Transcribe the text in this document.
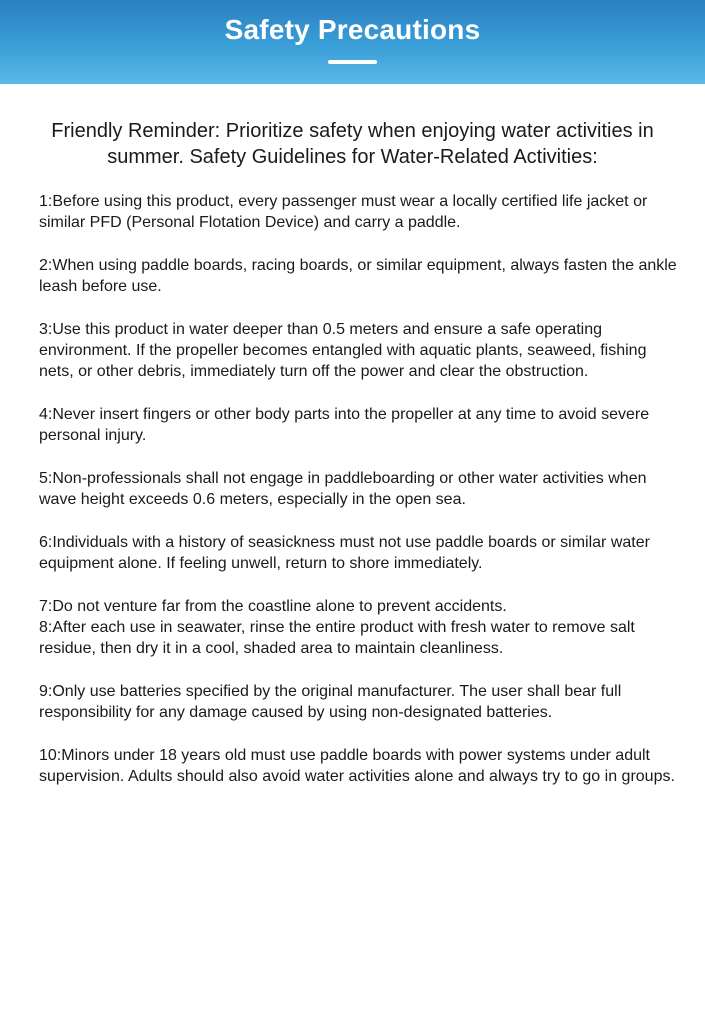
Safety Precautions
Friendly Reminder: Prioritize safety when enjoying water activities in summer. Safety Guidelines for Water-Related Activities:

1:Before using this product, every passenger must wear a locally certified life jacket or similar PFD (Personal Flotation Device) and carry a paddle.

2:When using paddle boards, racing boards, or similar equipment, always fasten the ankle leash before use.

3:Use this product in water deeper than 0.5 meters and ensure a safe operating environment. If the propeller becomes entangled with aquatic plants, seaweed, fishing nets, or other debris, immediately turn off the power and clear the obstruction.

4:Never insert fingers or other body parts into the propeller at any time to avoid severe personal injury.

5:Non-professionals shall not engage in paddleboarding or other water activities when wave height exceeds 0.6 meters, especially in the open sea.

6:Individuals with a history of seasickness must not use paddle boards or similar water equipment alone. If feeling unwell, return to shore immediately.

7:Do not venture far from the coastline alone to prevent accidents.

8:After each use in seawater, rinse the entire product with fresh water to remove salt residue, then dry it in a cool, shaded area to maintain cleanliness.

9:Only use batteries specified by the original manufacturer. The user shall bear full responsibility for any damage caused by using non-designated batteries.

10:Minors under 18 years old must use paddle boards with power systems under adult supervision. Adults should also avoid water activities alone and always try to go in groups.
